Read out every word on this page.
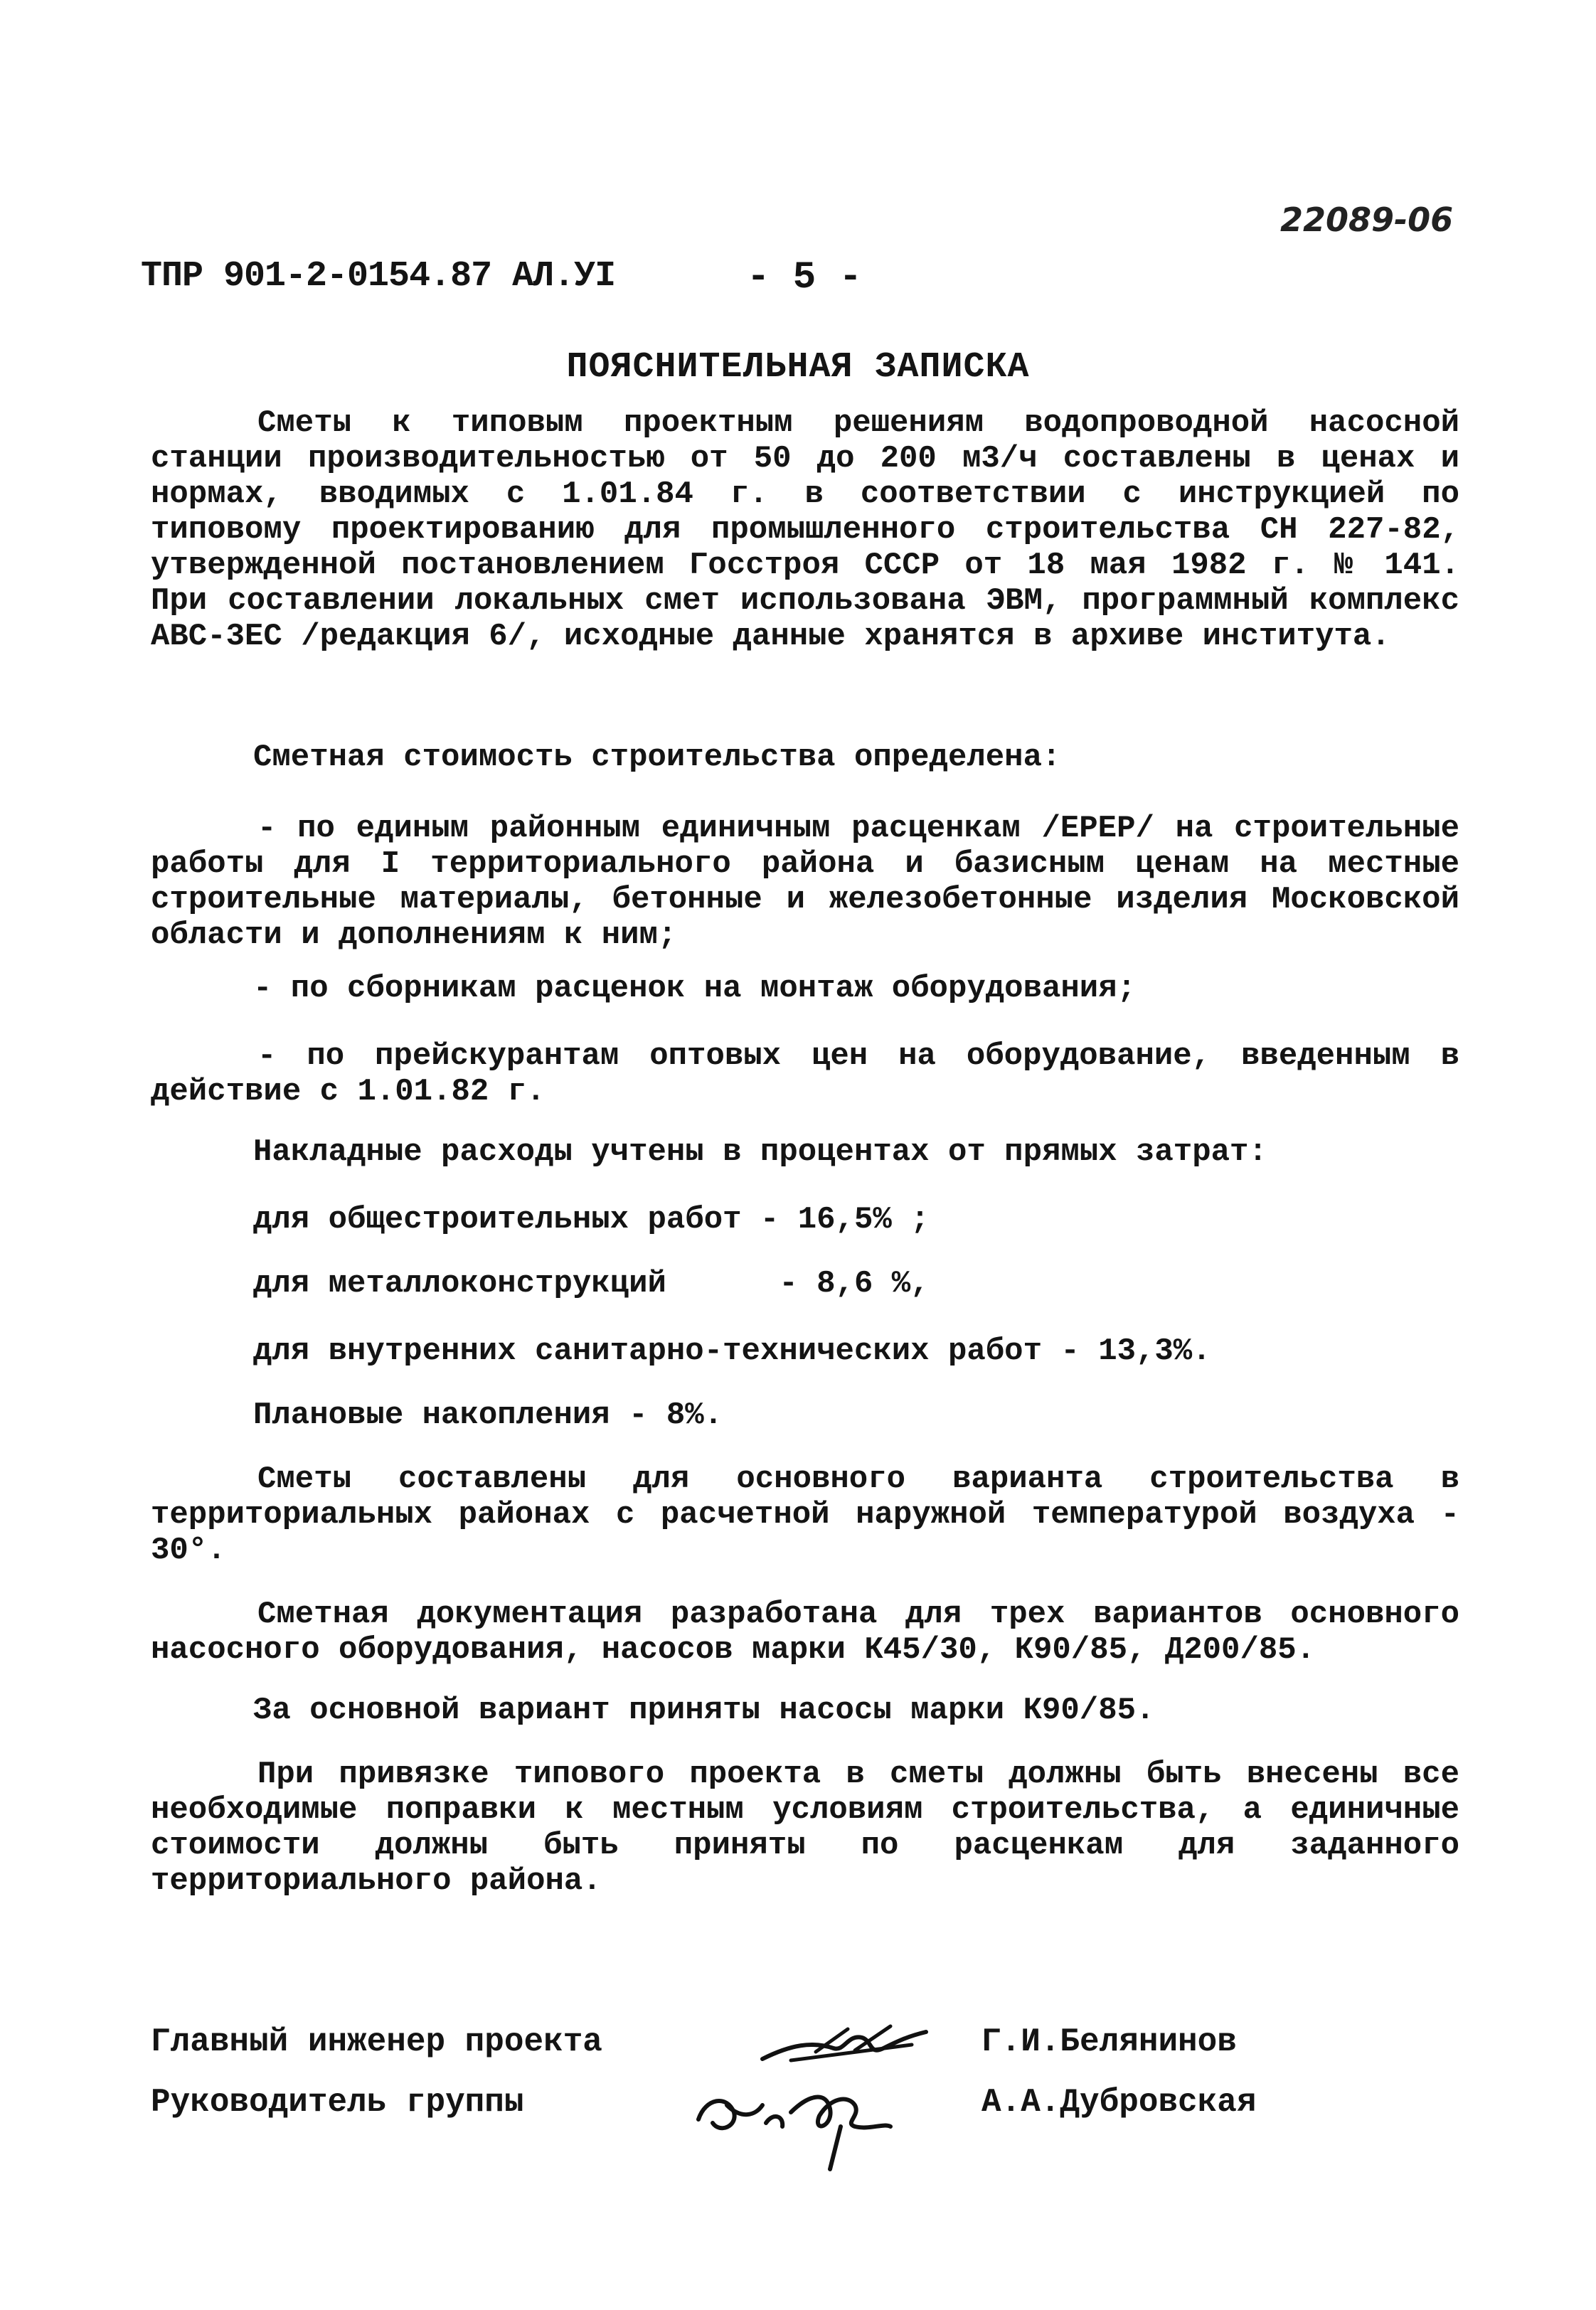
22089-06
ТПР 901-2-0154.87 АЛ.УI	- 5 -
ПОЯСНИТЕЛЬНАЯ ЗАПИСКА

Сметы к типовым проектным решениям водопроводной насосной станции производительностью от 50 до 200 м3/ч составлены в ценах и нормах, вводимых с 1.01.84 г. в соответствии с инструкцией по типовому проектированию для промышленного строительства СН 227-82, утвержденной постановлением Госстроя СССР от 18 мая 1982 г. № 141. При составлении локальных смет использована ЭВМ, программный комплекс АВС-3ЕС /редакция 6/, исходные данные хранятся в архиве института.

Сметная стоимость строительства определена:

- по единым районным единичным расценкам /ЕРЕР/ на строительные работы для I территориального района и базисным ценам на местные строительные материалы, бетонные и железобетонные изделия Московской области и дополнениям к ним;

- по сборникам расценок на монтаж оборудования;

- по прейскурантам оптовых цен на оборудование, введенным в действие с 1.01.82 г.

Накладные расходы учтены в процентах от прямых затрат:
для общестроительных работ - 16,5% ;
для металлоконструкций      - 8,6 %,
для внутренних санитарно-технических работ - 13,3%.
Плановые накопления - 8%.

Сметы составлены для основного варианта строительства в территориальных районах с расчетной наружной температурой воздуха - 30°.

Сметная документация разработана для трех вариантов основного насосного оборудования, насосов марки К45/30, К90/85, Д200/85.

За основной вариант приняты насосы марки К90/85.

При привязке типового проекта в сметы должны быть внесены все необходимые поправки к местным условиям строительства, а единичные стоимости должны быть приняты по расценкам для заданного территориального района.

Главный инженер проекта	Г.И.Белянинов
Руководитель группы	А.А.Дубровская
